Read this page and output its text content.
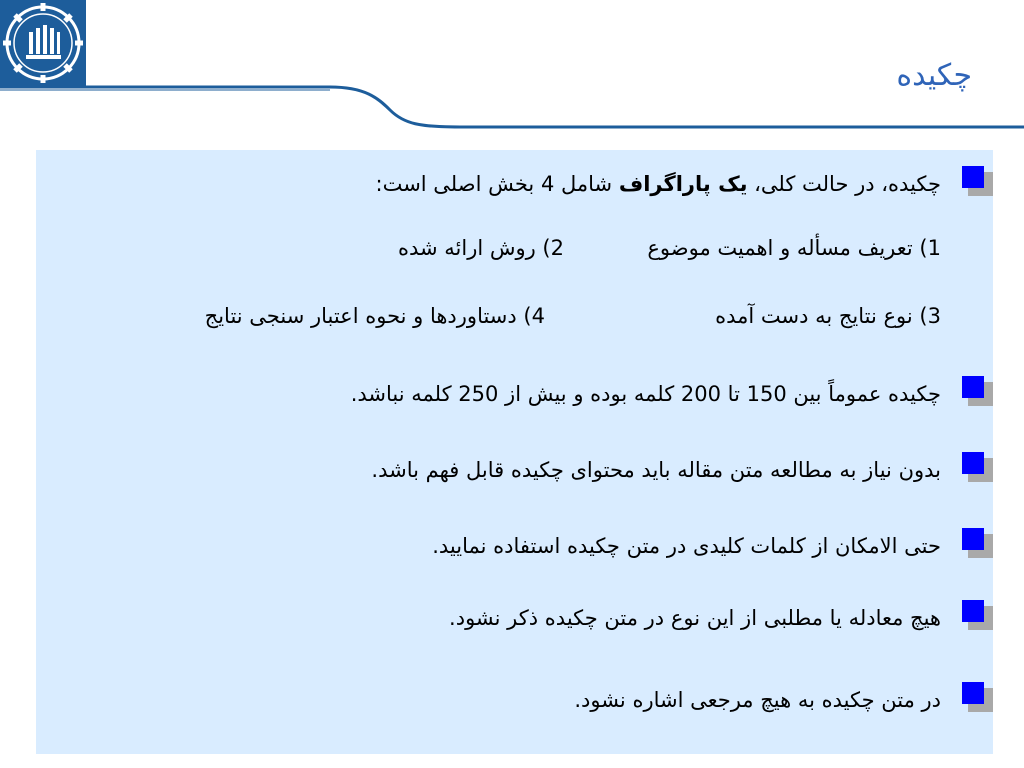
چکیده
چکیده، در حالت کلی، یک پاراگراف شامل 4 بخش اصلی است:
1) تعریف مسأله و اهمیت موضوع
2) روش ارائه شده
3) نوع نتایج به دست آمده
4) دستاوردها و نحوه اعتبار سنجی نتایج
چکیده عموماً بین 150 تا 200 کلمه بوده و بیش از 250 کلمه نباشد.
بدون نیاز به مطالعه متن مقاله باید محتوای چکیده قابل فهم باشد.
حتی الامکان از کلمات کلیدی در متن چکیده استفاده نمایید.
هیچ معادله یا مطلبی از این نوع در متن چکیده ذکر نشود.
در متن چکیده به هیچ مرجعی اشاره نشود.
